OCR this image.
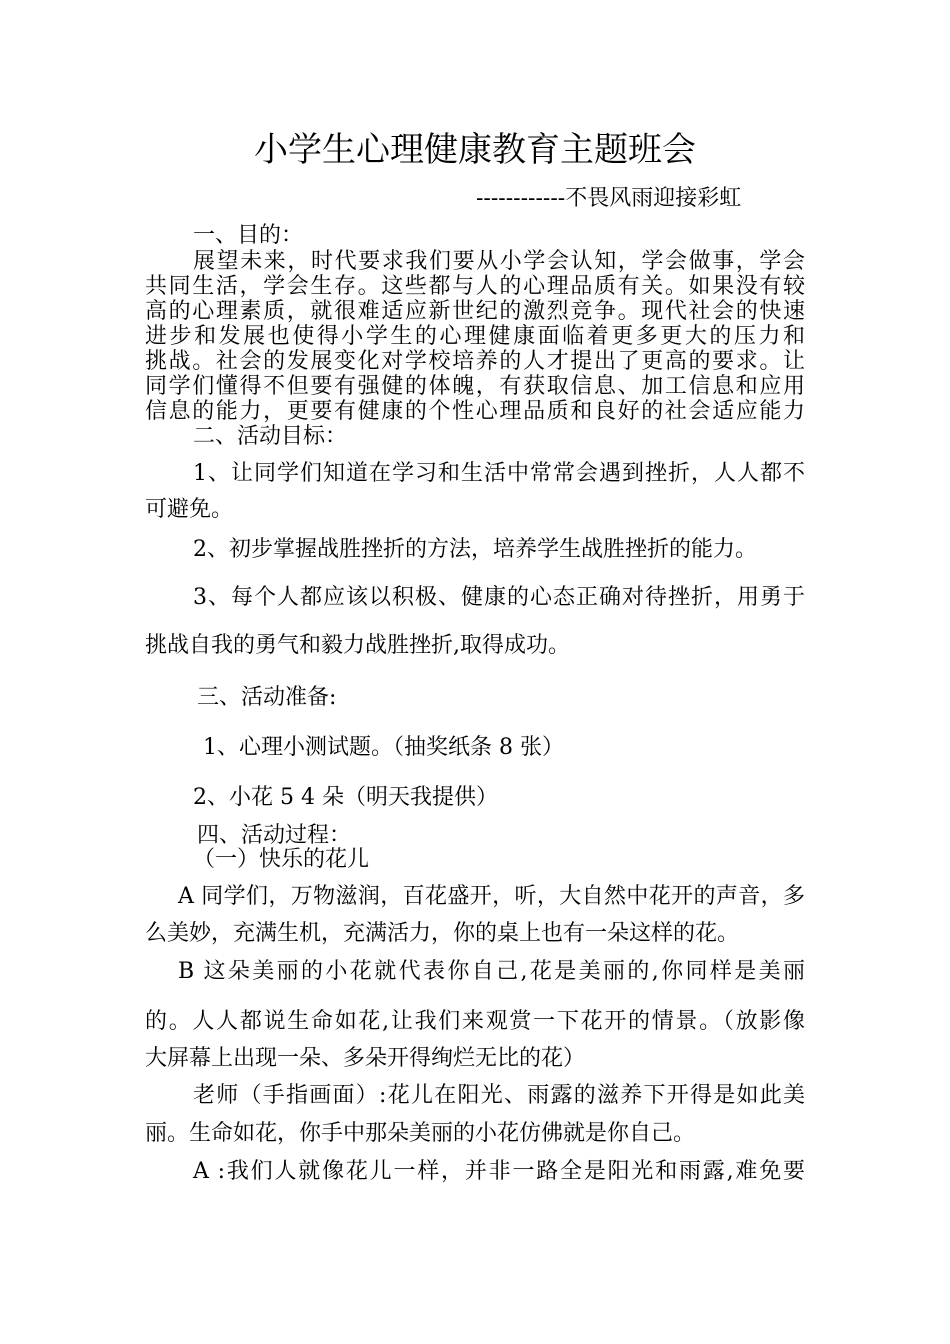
小学生心理健康教育主题班会
------------不畏风雨迎接彩虹
一、目的：
展望未来，时代要求我们要从小学会认知，学会做事，学会
共同生活，学会生存。这些都与人的心理品质有关。如果没有较
高的心理素质，就很难适应新世纪的激烈竞争。现代社会的快速
进步和发展也使得小学生的心理健康面临着更多更大的压力和
挑战。社会的发展变化对学校培养的人才提出了更高的要求。让
同学们懂得不但要有强健的体魄，有获取信息、加工信息和应用
信息的能力，更要有健康的个性心理品质和良好的社会适应能力
二、活动目标：
1、让同学们知道在学习和生活中常常会遇到挫折，人人都不
可避免。
2、初步掌握战胜挫折的方法，培养学生战胜挫折的能力。
3、每个人都应该以积极、健康的心态正确对待挫折，用勇于
挑战自我的勇气和毅力战胜挫折,取得成功。
三、活动准备:
1、心理小测试题。（抽奖纸条 8 张）
2、小花 5 4 朵（明天我提供）
四、活动过程：
（一）快乐的花儿
A 同学们，万物滋润，百花盛开，听，大自然中花开的声音，多
么美妙，充满生机，充满活力，你的桌上也有一朵这样的花。
B 这朵美丽的小花就代表你自己,花是美丽的,你同样是美丽
的。人人都说生命如花,让我们来观赏一下花开的情景。（放影像
大屏幕上出现一朵、多朵开得绚烂无比的花）
老师（手指画面）:花儿在阳光、雨露的滋养下开得是如此美
丽。生命如花，你手中那朵美丽的小花仿佛就是你自己。
A :我们人就像花儿一样，并非一路全是阳光和雨露,难免要
